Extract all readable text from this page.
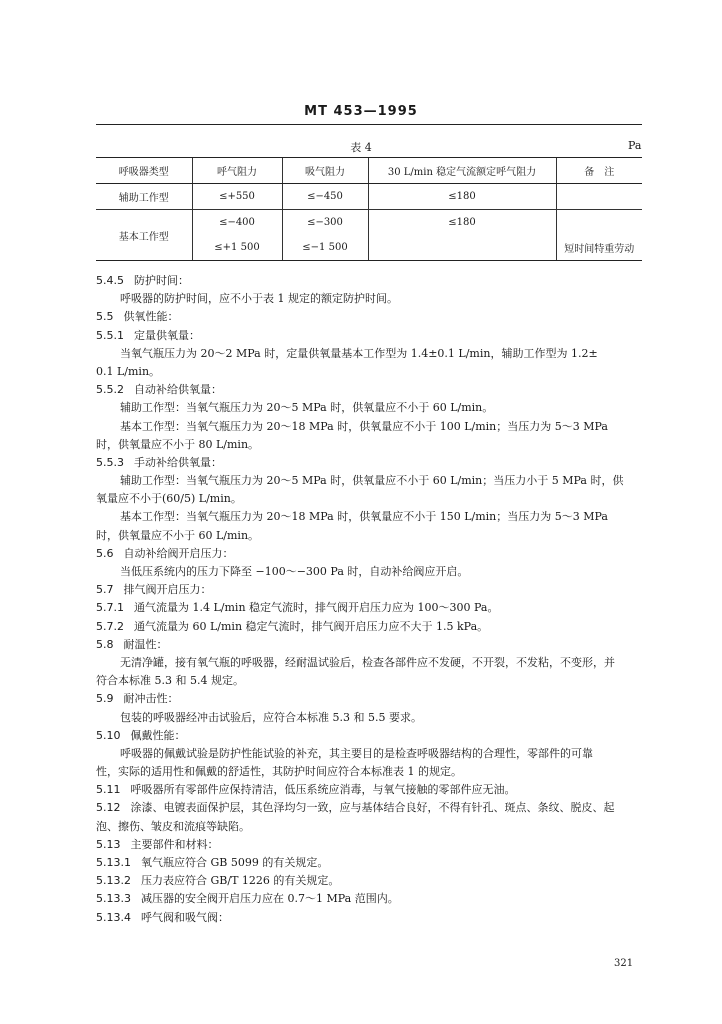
MT 453—1995
表 4	Pa
呼吸器类型	呼气阻力	吸气阻力	30 L/min 稳定气流额定呼气阻力	备　注
辅助工作型	≤+550	≤−450	≤180	
基本工作型	≤−400	≤−300	≤180	
	≤+1 500	≤−1 500		短时间特重劳动
5.4.5 防护时间：
呼吸器的防护时间，应不小于表 1 规定的额定防护时间。
5.5 供氧性能：
5.5.1 定量供氧量：
当氧气瓶压力为 20～2 MPa 时，定量供氧量基本工作型为 1.4±0.1 L/min，辅助工作型为 1.2±
0.1 L/min。
5.5.2 自动补给供氧量：
辅助工作型：当氧气瓶压力为 20～5 MPa 时，供氧量应不小于 60 L/min。
基本工作型：当氧气瓶压力为 20～18 MPa 时，供氧量应不小于 100 L/min；当压力为 5～3 MPa
时，供氧量应不小于 80 L/min。
5.5.3 手动补给供氧量：
辅助工作型：当氧气瓶压力为 20～5 MPa 时，供氧量应不小于 60 L/min；当压力小于 5 MPa 时，供
氧量应不小于(60/5) L/min。
基本工作型：当氧气瓶压力为 20～18 MPa 时，供氧量应不小于 150 L/min；当压力为 5～3 MPa
时，供氧量应不小于 60 L/min。
5.6 自动补给阀开启压力：
当低压系统内的压力下降至 −100～−300 Pa 时，自动补给阀应开启。
5.7 排气阀开启压力：
5.7.1 通气流量为 1.4 L/min 稳定气流时，排气阀开启压力应为 100～300 Pa。
5.7.2 通气流量为 60 L/min 稳定气流时，排气阀开启压力应不大于 1.5 kPa。
5.8 耐温性：
无清净罐，接有氧气瓶的呼吸器，经耐温试验后，检查各部件应不发硬，不开裂，不发粘，不变形，并
符合本标准 5.3 和 5.4 规定。
5.9 耐冲击性：
包装的呼吸器经冲击试验后，应符合本标准 5.3 和 5.5 要求。
5.10 佩戴性能：
呼吸器的佩戴试验是防护性能试验的补充，其主要目的是检查呼吸器结构的合理性，零部件的可靠
性，实际的适用性和佩戴的舒适性，其防护时间应符合本标准表 1 的规定。
5.11 呼吸器所有零部件应保持清洁，低压系统应消毒，与氧气接触的零部件应无油。
5.12 涂漆、电镀表面保护层，其色泽均匀一致，应与基体结合良好，不得有针孔、斑点、条纹、脱皮、起
泡、擦伤、皱皮和流痕等缺陷。
5.13 主要部件和材料：
5.13.1 氧气瓶应符合 GB 5099 的有关规定。
5.13.2 压力表应符合 GB/T 1226 的有关规定。
5.13.3 减压器的安全阀开启压力应在 0.7～1 MPa 范围内。
5.13.4 呼气阀和吸气阀：
321
